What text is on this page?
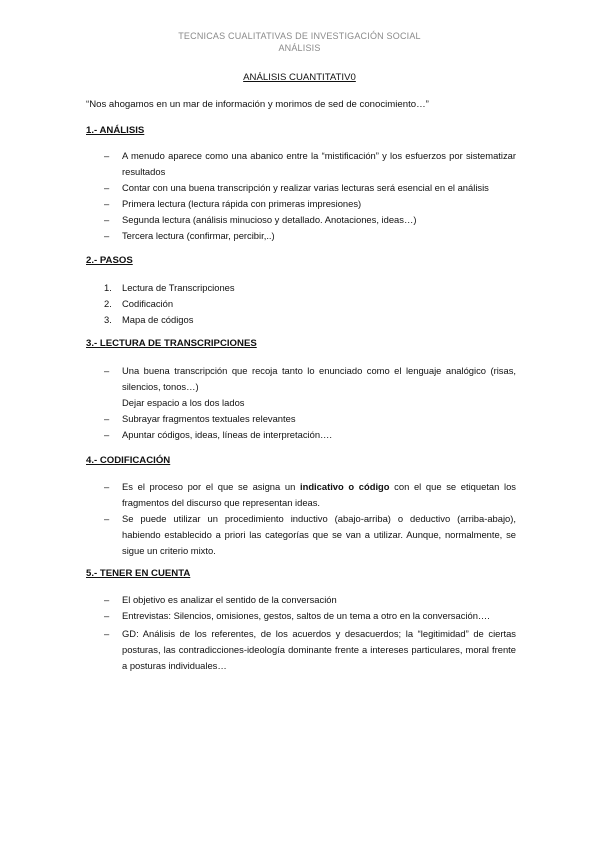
TECNICAS CUALITATIVAS DE INVESTIGACIÓN SOCIAL
ANÁLISIS
ANÁLISIS CUANTITATIV0
“Nos ahogamos en un mar de información y morimos de sed de conocimiento…”
1.- ANÁLISIS
– A menudo aparece como una abanico entre la “mistificación” y los esfuerzos por sistematizar resultados
– Contar con una buena transcripción y realizar varias lecturas será esencial en el análisis
– Primera lectura (lectura rápida con primeras impresiones)
– Segunda lectura (análisis minucioso y detallado. Anotaciones, ideas…)
– Tercera lectura (confirmar, percibir,..)
2.- PASOS
1. Lectura de Transcripciones
2. Codificación
3. Mapa de códigos
3.- LECTURA DE TRANSCRIPCIONES
– Una buena transcripción que recoja tanto lo enunciado como el lenguaje analógico (risas, silencios, tonos…)
Dejar espacio a los dos lados
– Subrayar fragmentos textuales relevantes
– Apuntar códigos, ideas, líneas de interpretación….
4.- CODIFICACIÓN
– Es el proceso por el que se asigna un indicativo o código con el que se etiquetan los fragmentos del discurso que representan ideas.
– Se puede utilizar un procedimiento inductivo (abajo-arriba) o deductivo (arriba-abajo), habiendo establecido a priori las categorías que se van a utilizar. Aunque, normalmente, se sigue un criterio mixto.
5.- TENER EN CUENTA
– El objetivo es analizar el sentido de la conversación
– Entrevistas: Silencios, omisiones, gestos, saltos de un tema a otro en la conversación….
– GD: Análisis de los referentes, de los acuerdos y desacuerdos; la “legitimidad” de ciertas posturas, las contradicciones-ideología dominante frente a intereses particulares, moral frente a posturas individuales…
